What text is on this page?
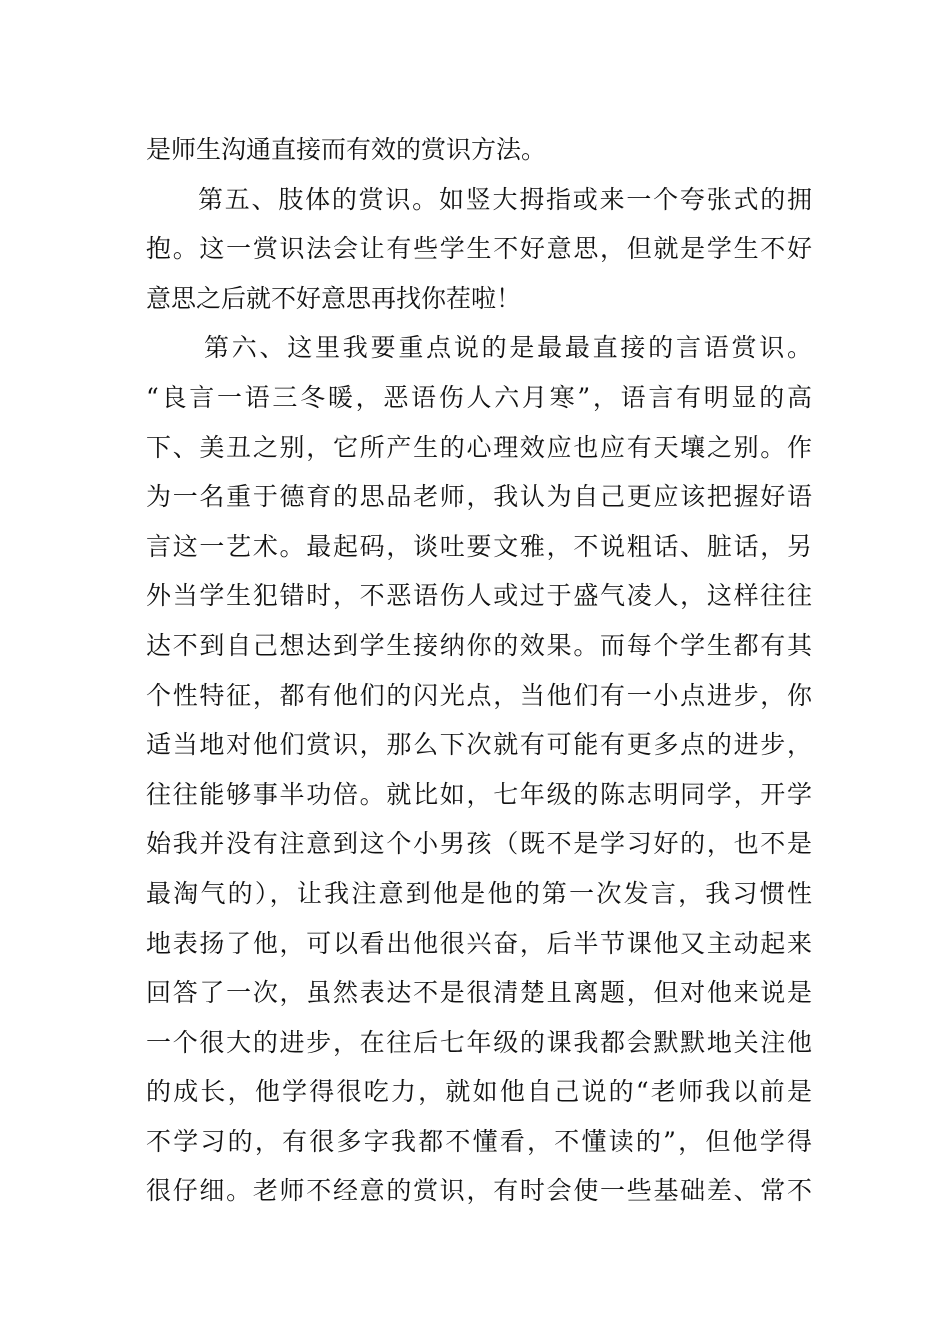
是师生沟通直接而有效的赏识方法。
第五、肢体的赏识。如竖大拇指或来一个夸张式的拥
抱。这一赏识法会让有些学生不好意思，但就是学生不好
意思之后就不好意思再找你茬啦！
第六、这里我要重点说的是最最直接的言语赏识。
“良言一语三冬暖，恶语伤人六月寒”，语言有明显的高
下、美丑之别，它所产生的心理效应也应有天壤之别。作
为一名重于德育的思品老师，我认为自己更应该把握好语
言这一艺术。最起码，谈吐要文雅，不说粗话、脏话，另
外当学生犯错时，不恶语伤人或过于盛气凌人，这样往往
达不到自己想达到学生接纳你的效果。而每个学生都有其
个性特征，都有他们的闪光点，当他们有一小点进步，你
适当地对他们赏识，那么下次就有可能有更多点的进步，
往往能够事半功倍。就比如，七年级的陈志明同学，开学
始我并没有注意到这个小男孩（既不是学习好的，也不是
最淘气的），让我注意到他是他的第一次发言，我习惯性
地表扬了他，可以看出他很兴奋，后半节课他又主动起来
回答了一次，虽然表达不是很清楚且离题，但对他来说是
一个很大的进步，在往后七年级的课我都会默默地关注他
的成长，他学得很吃力，就如他自己说的“老师我以前是
不学习的，有很多字我都不懂看，不懂读的”，但他学得
很仔细。老师不经意的赏识，有时会使一些基础差、常不
